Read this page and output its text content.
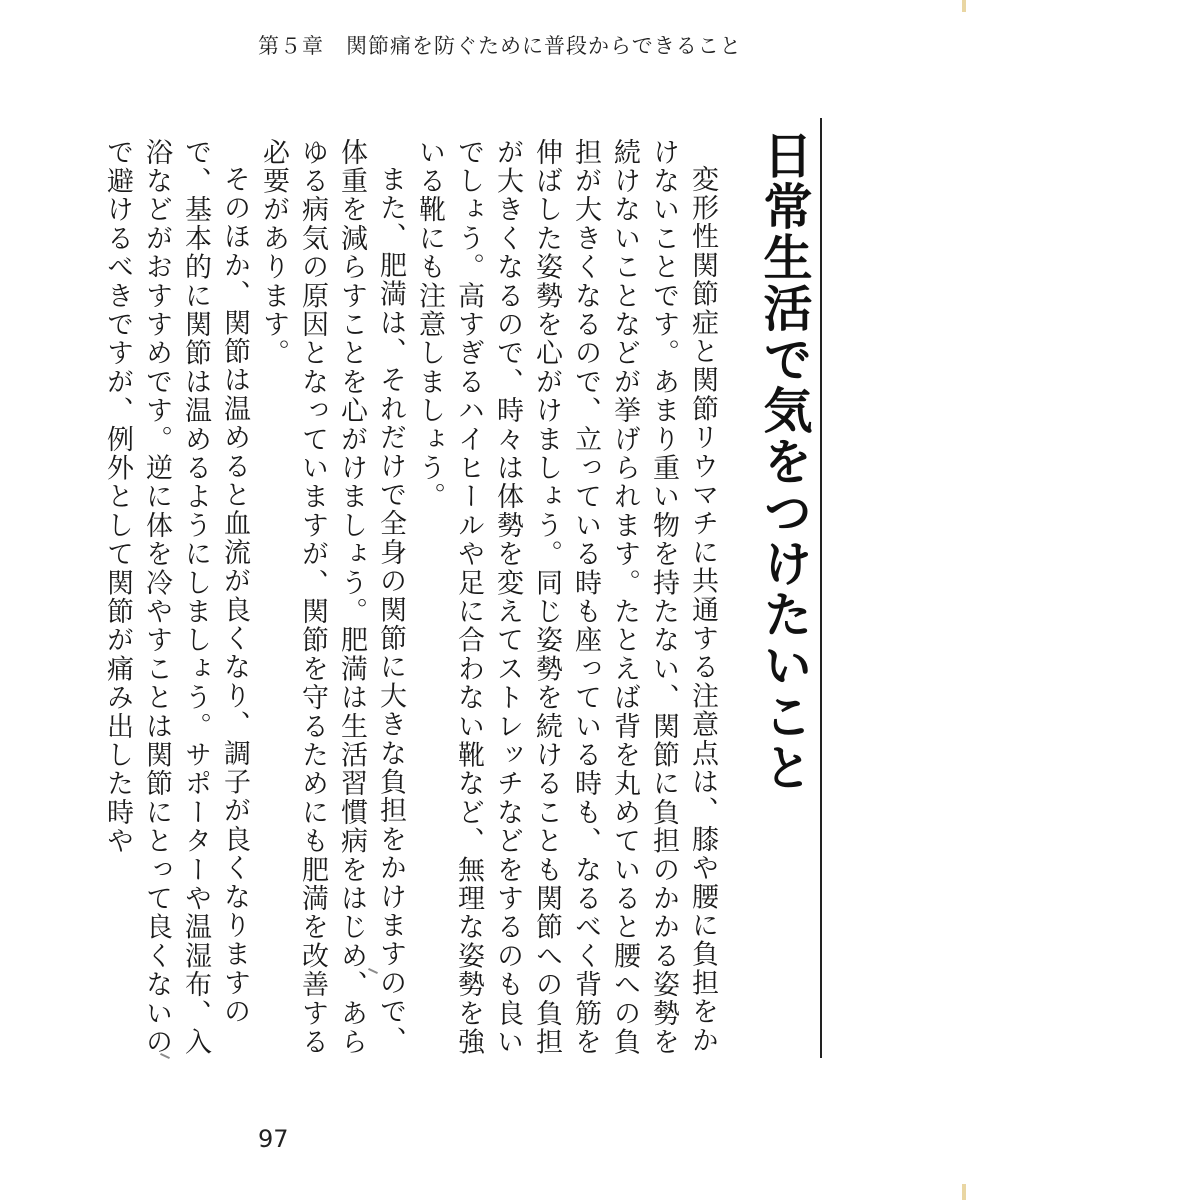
第５章　関節痛を防ぐために普段からできること
日常生活で気をつけたいこと

変形性関節症と関節リウマチに共通する注意点は、膝や腰に負担をかけないことです。あまり重い物を持たない、関節に負担のかかる姿勢を続けないことなどが挙げられます。たとえば背を丸めていると腰への負担が大きくなるので、立っている時も座っている時も、なるべく背筋を伸ばした姿勢を心がけましょう。同じ姿勢を続けることも関節への負担が大きくなるので、時々は体勢を変えてストレッチなどをするのも良いでしょう。高すぎるハイヒールや足に合わない靴など、無理な姿勢を強いる靴にも注意しましょう。

また、肥満は、それだけで全身の関節に大きな負担をかけますので、体重を減らすことを心がけましょう。肥満は生活習慣病をはじめ、あらゆる病気の原因となっていますが、関節を守るためにも肥満を改善する必要があります。

そのほか、関節は温めると血流が良くなり、調子が良くなりますので、基本的に関節は温めるようにしましょう。サポーターや温湿布、入浴などがおすすめです。逆に体を冷やすことは関節にとって良くないので避けるべきですが、例外として関節が痛み出した時や

97
